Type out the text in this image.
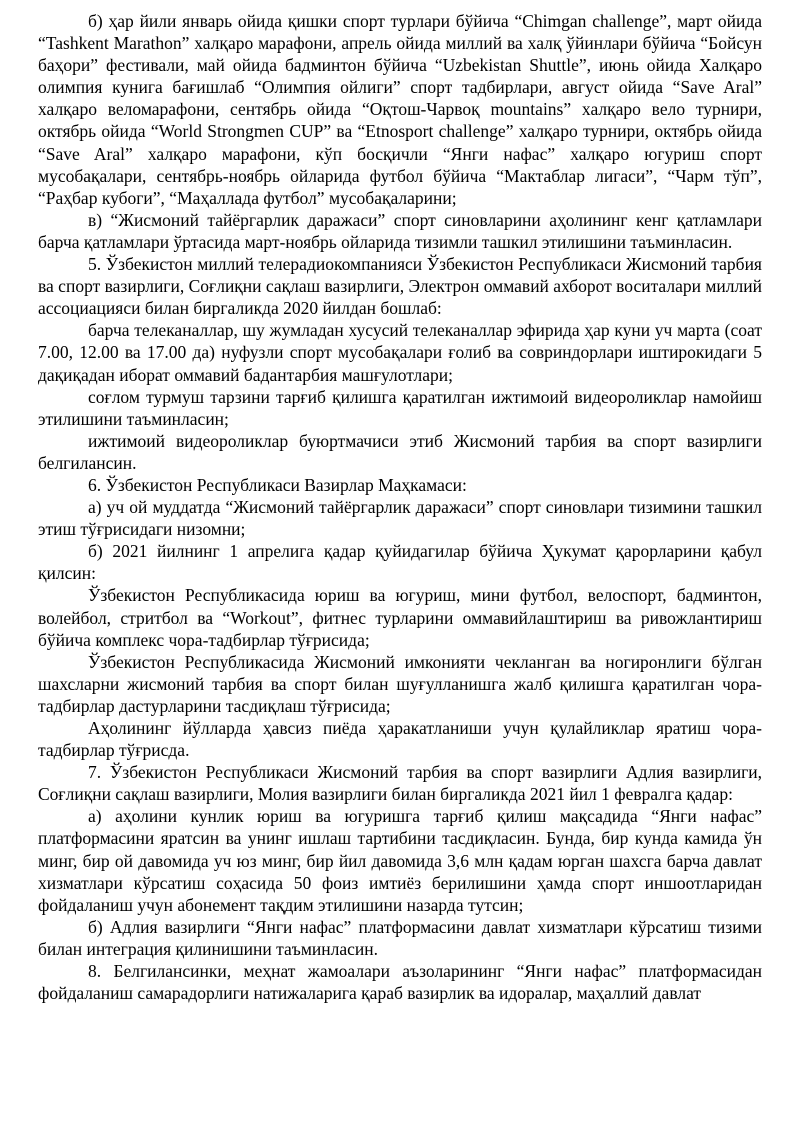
б) ҳар йили январь ойида қишки спорт турлари бўйича “Chimgan challenge”, март ойида “Tashkent Marathon” халқаро марафони, апрель ойида миллий ва халқ ўйинлари бўйича “Бойсун баҳори” фестивали, май ойида бадминтон бўйича “Uzbekistan Shuttle”, июнь ойида Халқаро олимпия кунига бағишлаб “Олимпия ойлиги” спорт тадбирлари, август ойида “Save Aral” халқаро веломарафони, сентябрь ойида “Оқтош-Чарвоқ mountains” халқаро вело турнири, октябрь ойида “World Strongmen CUP” ва “Etnosport challenge” халқаро турнири, октябрь ойида “Save Aral” халқаро марафони, кўп босқичли “Янги нафас” халқаро югуриш спорт мусобақалари, сентябрь-ноябрь ойларида футбол бўйича “Мактаблар лигаси”, “Чарм тўп”, “Раҳбар кубоги”, “Маҳаллада футбол” мусобақаларини;

в) “Жисмоний тайёргарлик даражаси” спорт синовларини аҳолининг кенг қатламлари барча қатламлари ўртасида март-ноябрь ойларида тизимли ташкил этилишини таъминласин.

5. Ўзбекистон миллий телерадиокомпанияси Ўзбекистон Республикаси Жисмоний тарбия ва спорт вазирлиги, Соғлиқни сақлаш вазирлиги, Электрон оммавий ахборот воситалари миллий ассоциацияси билан биргаликда 2020 йилдан бошлаб:

барча телеканаллар, шу жумладан хусусий телеканаллар эфирида ҳар куни уч марта (соат 7.00, 12.00 ва 17.00 да) нуфузли спорт мусобақалари ғолиб ва совриндорлари иштирокидаги 5 дақиқадан иборат оммавий бадантарбия машғулотлари;

соғлом турмуш тарзини тарғиб қилишга қаратилган ижтимоий видеороликлар намойиш этилишини таъминласин;

ижтимоий видеороликлар буюртмачиси этиб Жисмоний тарбия ва спорт вазирлиги белгилансин.

6. Ўзбекистон Республикаси Вазирлар Маҳкамаси:

а) уч ой муддатда “Жисмоний тайёргарлик даражаси” спорт синовлари тизимини ташкил этиш тўғрисидаги низомни;

б) 2021 йилнинг 1 апрелига қадар қуйидагилар бўйича Ҳукумат қарорларини қабул қилсин:

Ўзбекистон Республикасида юриш ва югуриш, мини футбол, велоспорт, бадминтон, волейбол, стритбол ва “Workout”, фитнес турларини оммавийлаштириш ва ривожлантириш бўйича комплекс чора-тадбирлар тўғрисида;

Ўзбекистон Республикасида Жисмоний имконияти чекланган ва ногиронлиги бўлган шахсларни жисмоний тарбия ва спорт билан шуғулланишга жалб қилишга қаратилган чора-тадбирлар дастурларини тасдиқлаш тўғрисида;

Аҳолининг йўлларда ҳавсиз пиёда ҳаракатланиши учун қулайликлар яратиш чора-тадбирлар тўғрисда.

7. Ўзбекистон Республикаси Жисмоний тарбия ва спорт вазирлиги Адлия вазирлиги, Соғлиқни сақлаш вазирлиги, Молия вазирлиги билан биргаликда 2021 йил 1 февралга қадар:

а) аҳолини кунлик юриш ва югуришга тарғиб қилиш мақсадида “Янги нафас” платформасини яратсин ва унинг ишлаш тартибини тасдиқласин. Бунда, бир кунда камида ўн минг, бир ой давомида уч юз минг, бир йил давомида 3,6 млн қадам юрган шахсга барча давлат хизматлари кўрсатиш соҳасида 50 фоиз имтиёз берилишини ҳамда спорт иншоотларидан фойдаланиш учун абонемент тақдим этилишини назарда тутсин;

б) Адлия вазирлиги “Янги нафас” платформасини давлат хизматлари кўрсатиш тизими билан интеграция қилинишини таъминласин.

8. Белгилансинки, меҳнат жамоалари аъзоларининг “Янги нафас” платформасидан фойдаланиш самарадорлиги натижаларига қараб вазирлик ва идоралар, маҳаллий давлат
